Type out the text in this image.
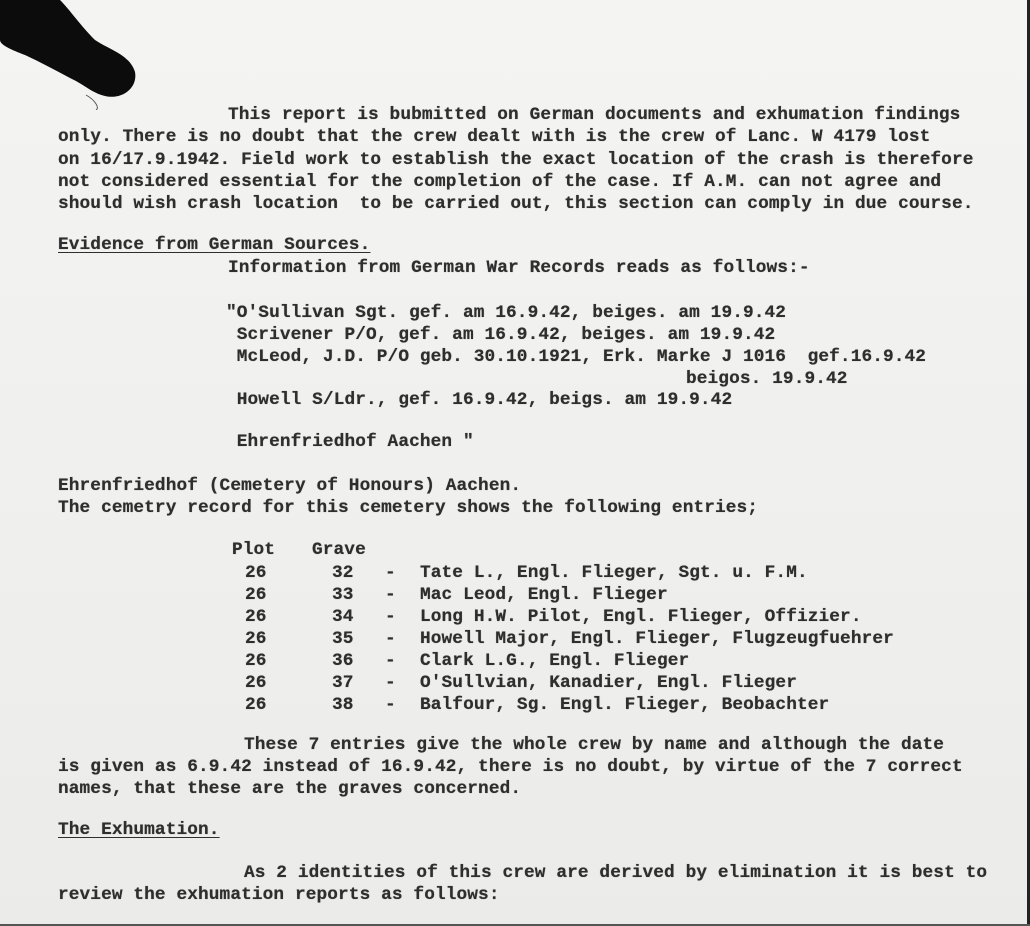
This report is bubmitted on German documents and exhumation findings
only. There is no doubt that the crew dealt with is the crew of Lanc. W 4179 lost
on 16/17.9.1942. Field work to establish the exact location of the crash is therefore
not considered essential for the completion of the case. If A.M. can not agree and
should wish crash location  to be carried out, this section can comply in due course.
Evidence from German Sources.
Information from German War Records reads as follows:-
"O'Sullivan Sgt. gef. am 16.9.42, beiges. am 19.9.42
Scrivener P/O, gef. am 16.9.42, beiges. am 19.9.42
McLeod, J.D. P/O geb. 30.10.1921, Erk. Marke J 1016  gef.16.9.42
beigos. 19.9.42
Howell S/Ldr., gef. 16.9.42, beigs. am 19.9.42
Ehrenfriedhof Aachen "
Ehrenfriedhof (Cemetery of Honours) Aachen.
The cemetry record for this cemetery shows the following entries;
Plot Grave
26	32 - Tate L., Engl. Flieger, Sgt. u. F.M.
26	33 - Mac Leod, Engl. Flieger
26	34 - Long H.W. Pilot, Engl. Flieger, Offizier.
26	35 - Howell Major, Engl. Flieger, Flugzeugfuehrer
26	36 - Clark L.G., Engl. Flieger
26	37 - O'Sullvian, Kanadier, Engl. Flieger
26	38 - Balfour, Sg. Engl. Flieger, Beobachter
These 7 entries give the whole crew by name and although the date
is given as 6.9.42 instead of 16.9.42, there is no doubt, by virtue of the 7 correct
names, that these are the graves concerned.
The Exhumation.
As 2 identities of this crew are derived by elimination it is best to
review the exhumation reports as follows:
